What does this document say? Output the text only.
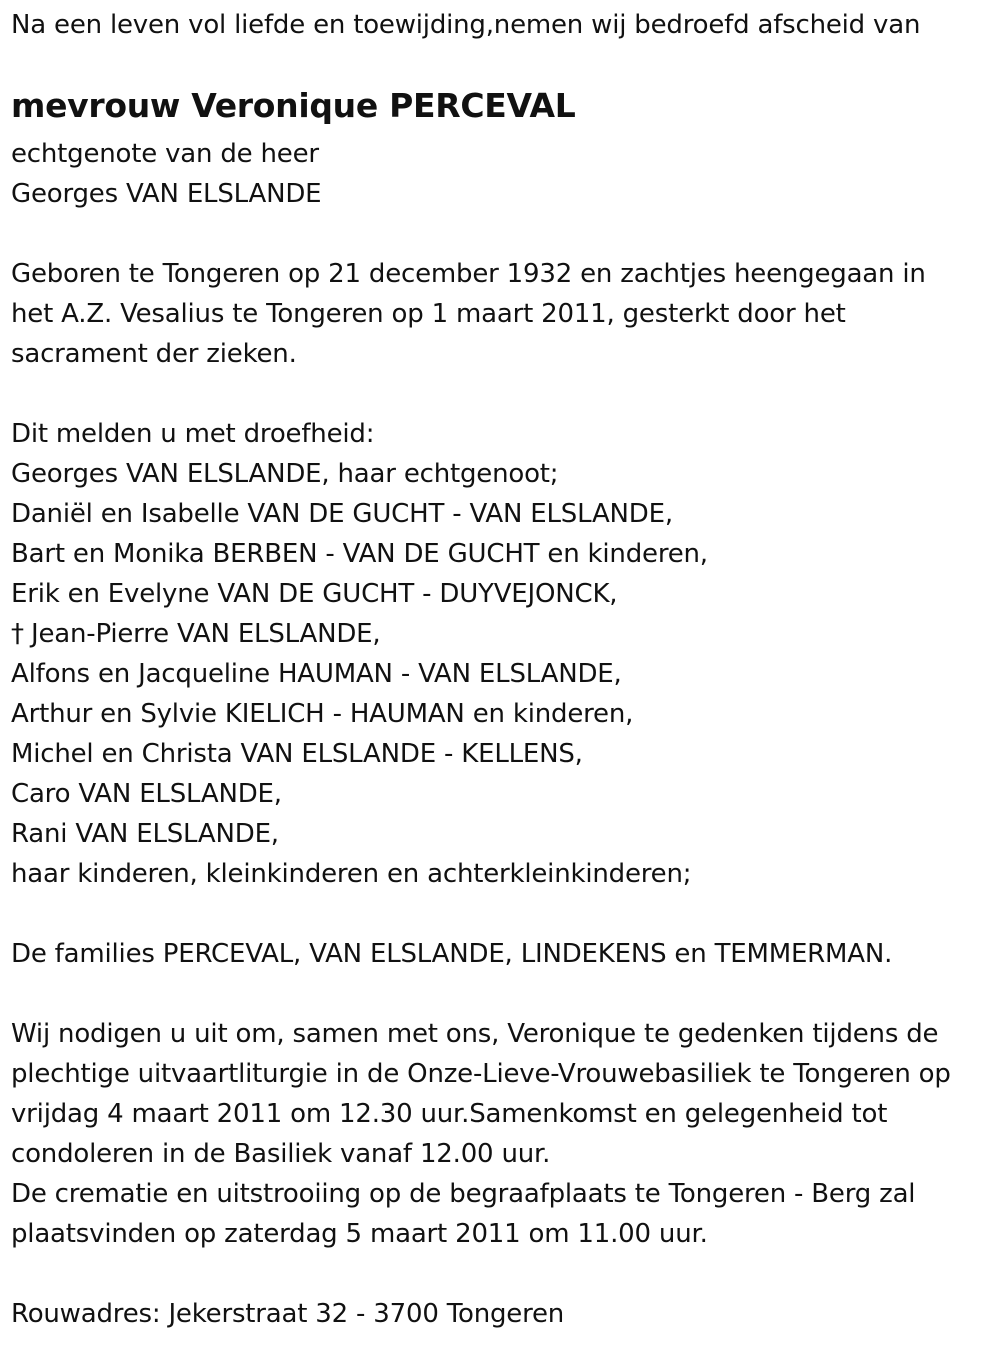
Na een leven vol liefde en toewijding,nemen wij bedroefd afscheid van
mevrouw Veronique PERCEVAL
echtgenote van de heer
Georges VAN ELSLANDE
Geboren te Tongeren op 21 december 1932 en zachtjes heengegaan in
het A.Z. Vesalius te Tongeren op 1 maart 2011, gesterkt door het
sacrament der zieken.
Dit melden u met droefheid:
Georges VAN ELSLANDE, haar echtgenoot;
Daniël en Isabelle VAN DE GUCHT - VAN ELSLANDE,
Bart en Monika BERBEN - VAN DE GUCHT en kinderen,
Erik en Evelyne VAN DE GUCHT - DUYVEJONCK,
† Jean-Pierre VAN ELSLANDE,
Alfons en Jacqueline HAUMAN - VAN ELSLANDE,
Arthur en Sylvie KIELICH - HAUMAN en kinderen,
Michel en Christa VAN ELSLANDE - KELLENS,
Caro VAN ELSLANDE,
Rani VAN ELSLANDE,
haar kinderen, kleinkinderen en achterkleinkinderen;
De families PERCEVAL, VAN ELSLANDE, LINDEKENS en TEMMERMAN.
Wij nodigen u uit om, samen met ons, Veronique te gedenken tijdens de
plechtige uitvaartliturgie in de Onze-Lieve-Vrouwebasiliek te Tongeren op
vrijdag 4 maart 2011 om 12.30 uur.Samenkomst en gelegenheid tot
condoleren in de Basiliek vanaf 12.00 uur.
De crematie en uitstrooiing op de begraafplaats te Tongeren - Berg zal
plaatsvinden op zaterdag 5 maart 2011 om 11.00 uur.
Rouwadres: Jekerstraat 32 - 3700 Tongeren
